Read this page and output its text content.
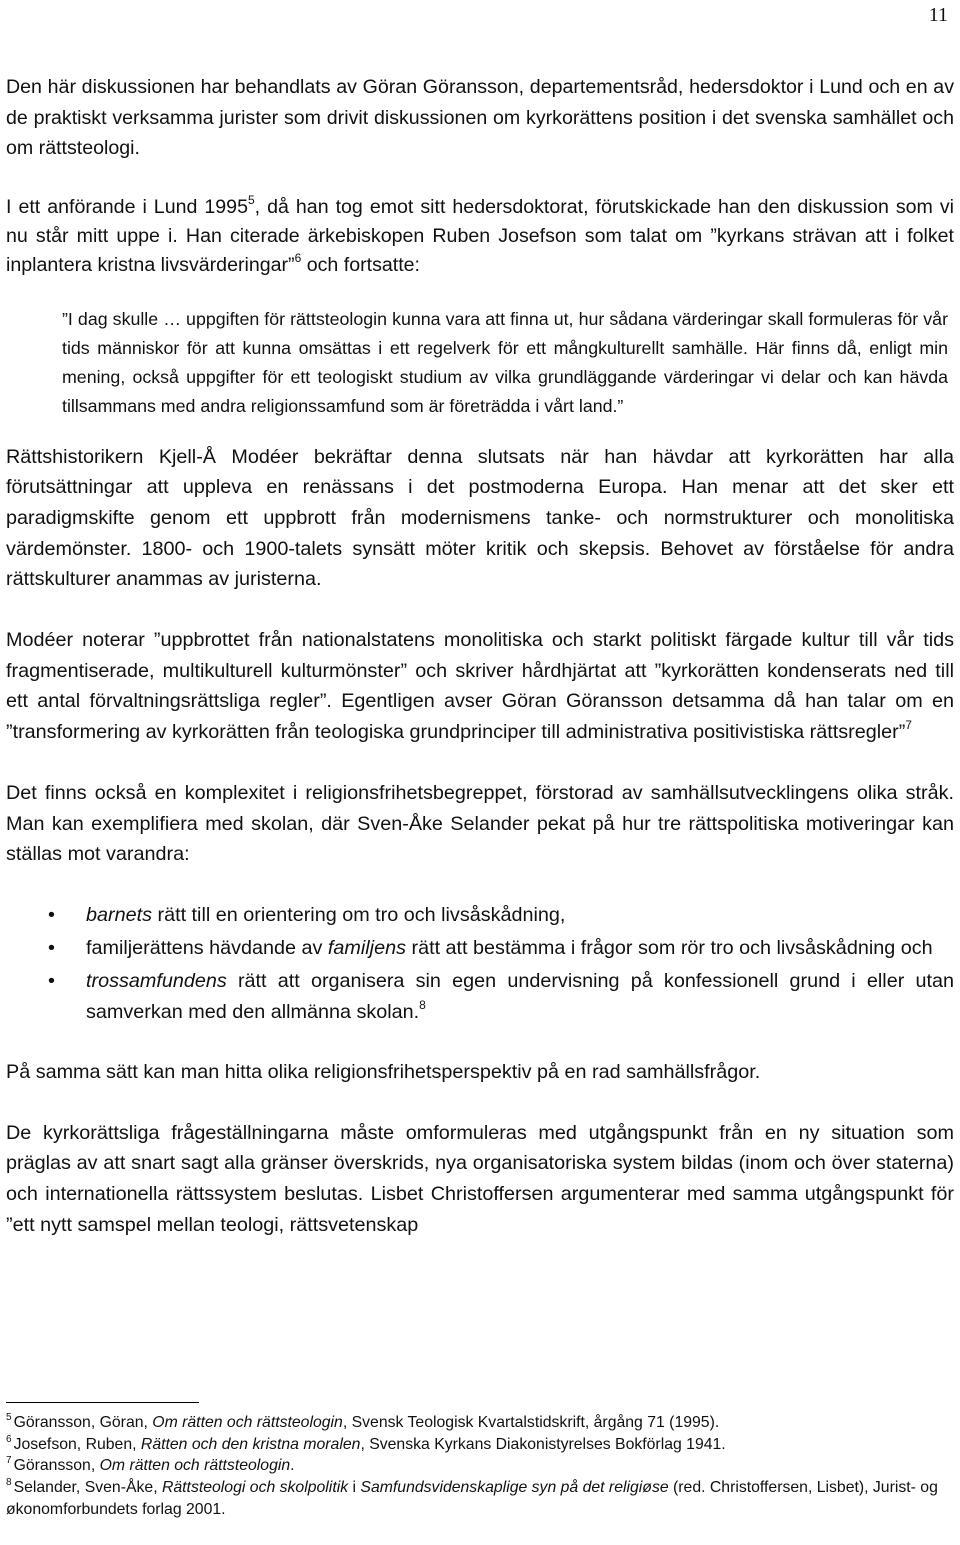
11

Den här diskussionen har behandlats av Göran Göransson, departementsråd, hedersdoktor i Lund och en av de praktiskt verksamma jurister som drivit diskussionen om kyrkorättens position i det svenska samhället och om rättsteologi.

I ett anförande i Lund 1995$^5$, då han tog emot sitt hedersdoktorat, förutskickade han den diskussion som vi nu står mitt uppe i. Han citerade ärkebiskopen Ruben Josefson som talat om ”kyrkans strävan att i folket inplantera kristna livsvärderingar”$^6$ och fortsatte:

”I dag skulle … uppgiften för rättsteologin kunna vara att finna ut, hur sådana värderingar skall formuleras för vår tids människor för att kunna omsättas i ett regelverk för ett mångkulturellt samhälle. Här finns då, enligt min mening, också uppgifter för ett teologiskt studium av vilka grundläggande värderingar vi delar och kan hävda tillsammans med andra religionssamfund som är företrädda i vårt land.”

Rättshistorikern Kjell-Å Modéer bekräftar denna slutsats när han hävdar att kyrkorätten har alla förutsättningar att uppleva en renässans i det postmoderna Europa. Han menar att det sker ett paradigmskifte genom ett uppbrott från modernismens tanke- och normstrukturer och monolitiska värdemönster. 1800- och 1900-talets synsätt möter kritik och skepsis. Behovet av förståelse för andra rättskulturer anammas av juristerna.

Modéer noterar ”uppbrottet från nationalstatens monolitiska och starkt politiskt färgade kultur till vår tids fragmentiserade, multikulturell kulturmönster” och skriver hårdhjärtat att ”kyrkorätten kondenserats ned till ett antal förvaltningsrättsliga regler”. Egentligen avser Göran Göransson detsamma då han talar om en ”transformering av kyrkorätten från teologiska grundprinciper till administrativa positivistiska rättsregler”$^7$

Det finns också en komplexitet i religionsfrihetsbegreppet, förstorad av samhällsutvecklingens olika stråk. Man kan exemplifiera med skolan, där Sven-Åke Selander pekat på hur tre rättspolitiska motiveringar kan ställas mot varandra:

• barnets rätt till en orientering om tro och livsåskådning,
• familjerättens hävdande av familjens rätt att bestämma i frågor som rör tro och livsåskådning och
• trossamfundens rätt att organisera sin egen undervisning på konfessionell grund i eller utan samverkan med den allmänna skolan.$^8$

På samma sätt kan man hitta olika religionsfrihetsperspektiv på en rad samhällsfrågor.

De kyrkorättsliga frågeställningarna måste omformuleras med utgångspunkt från en ny situation som präglas av att snart sagt alla gränser överskrids, nya organisatoriska system bildas (inom och över staterna) och internationella rättssystem beslutas. Lisbet Christoffersen argumenterar med samma utgångspunkt för ”ett nytt samspel mellan teologi, rättsvetenskap

$^5$ Göransson, Göran, Om rätten och rättsteologin, Svensk Teologisk Kvartalstidskrift, årgång 71 (1995).

$^6$ Josefson, Ruben, Rätten och den kristna moralen, Svenska Kyrkans Diakonistyrelses Bokförlag 1941.

$^7$ Göransson, Om rätten och rättsteologin.

$^8$ Selander, Sven-Åke, Rättsteologi och skolpolitik i Samfundsvidenskaplige syn på det religiøse (red. Christoffersen, Lisbet), Jurist- og økonomforbundets forlag 2001.
